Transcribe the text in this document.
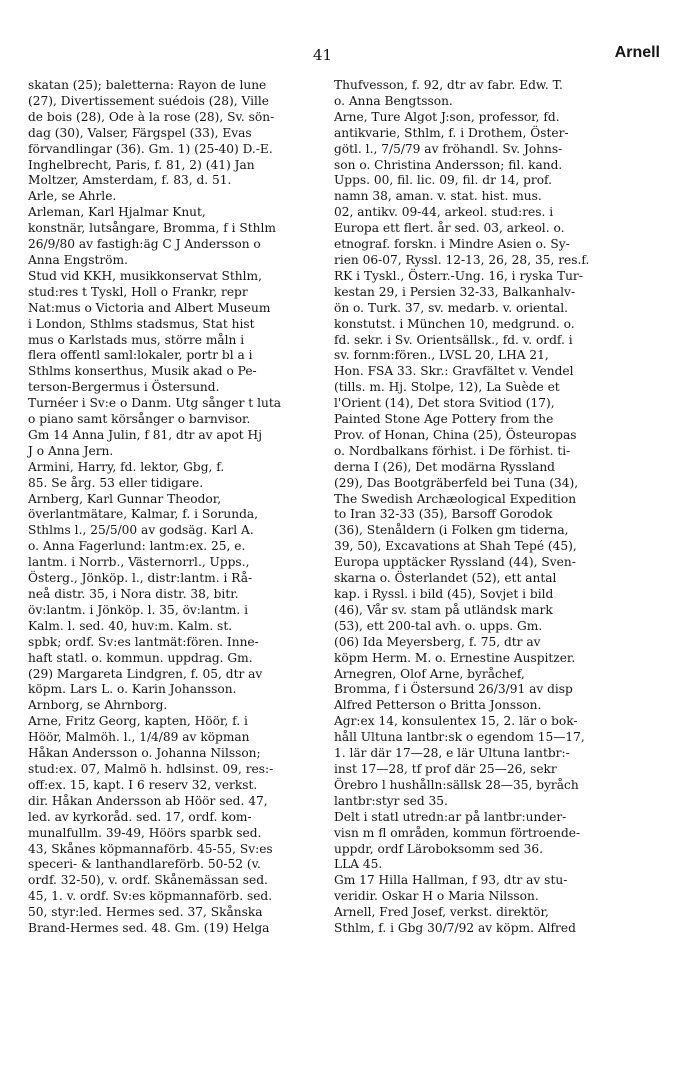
41	Arnell

skatan (25); baletterna: Rayon de lune
(27), Divertissement suédois (28), Ville
de bois (28), Ode à la rose (28), Sv. sön-
dag (30), Valser, Färgspel (33), Evas
förvandlingar (36). Gm. 1) (25-40) D.-E.
Inghelbrecht, Paris, f. 81, 2) (41) Jan
Moltzer, Amsterdam, f. 83, d. 51.

Arle, se Ahrle.

Arleman, Karl Hjalmar Knut,
konstnär, lutsångare, Bromma, f i Sthlm
26/9/80 av fastigh:äg C J Andersson o
Anna Engström.

Stud vid KKH, musikkonservat Sthlm,
stud:res t Tyskl, Holl o Frankr, repr
Nat:mus o Victoria and Albert Museum
i London, Sthlms stadsmus, Stat hist
mus o Karlstads mus, större måln i
flera offentl saml:lokaler, portr bl a i
Sthlms konserthus, Musik akad o Pe-
terson-Bergermus i Östersund.

Turnéer i Sv:e o Danm. Utg sånger t luta
o piano samt körsånger o barnvisor.
Gm 14 Anna Julin, f 81, dtr av apot Hj
J o Anna Jern.

Armini, Harry, fd. lektor, Gbg, f.
85. Se årg. 53 eller tidigare.

Arnberg, Karl Gunnar Theodor,
överlantmätare, Kalmar, f. i Sorunda,
Sthlms l., 25/5/00 av godsäg. Karl A.
o. Anna Fagerlund: lantm:ex. 25, e.
lantm. i Norrb., Västernorrl., Upps.,
Österg., Jönköp. l., distr:lantm. i Rå-
neå distr. 35, i Nora distr. 38, bitr.
öv:lantm. i Jönköp. l. 35, öv:lantm. i
Kalm. l. sed. 40, huv:m. Kalm. st.
spbk; ordf. Sv:es lantmät:fören. Inne-
haft statl. o. kommun. uppdrag. Gm.
(29) Margareta Lindgren, f. 05, dtr av
köpm. Lars L. o. Karin Johansson.

Arnborg, se Ahrnborg.

Arne, Fritz Georg, kapten, Höör, f. i
Höör, Malmöh. l., 1/4/89 av köpman
Håkan Andersson o. Johanna Nilsson;
stud:ex. 07, Malmö h. hdlsinst. 09, res:-
off:ex. 15, kapt. I 6 reserv 32, verkst.
dir. Håkan Andersson ab Höör sed. 47,
led. av kyrkoråd. sed. 17, ordf. kom-
munalfullm. 39-49, Höörs sparbk sed.
43, Skånes köpmannaförb. 45-55, Sv:es
speceri- & lanthandlareförb. 50-52 (v.
ordf. 32-50), v. ordf. Skånemässan sed.
45, 1. v. ordf. Sv:es köpmannaförb. sed.
50, styr:led. Hermes sed. 37, Skånska
Brand-Hermes sed. 48. Gm. (19) Helga

Thufvesson, f. 92, dtr av fabr. Edw. T.
o. Anna Bengtsson.

Arne, Ture Algot J:son, professor, fd.
antikvarie, Sthlm, f. i Drothem, Öster-
götl. l., 7/5/79 av fröhandl. Sv. Johns-
son o. Christina Andersson; fil. kand.
Upps. 00, fil. lic. 09, fil. dr 14, prof.
namn 38, aman. v. stat. hist. mus.
02, antikv. 09-44, arkeol. stud:res. i
Europa ett flert. år sed. 03, arkeol. o.
etnograf. forskn. i Mindre Asien o. Sy-
rien 06-07, Ryssl. 12-13, 26, 28, 35, res.f.
RK i Tyskl., Österr.-Ung. 16, i ryska Tur-
kestan 29, i Persien 32-33, Balkanhalv-
ön o. Turk. 37, sv. medarb. v. oriental.
konstutst. i München 10, medgrund. o.
fd. sekr. i Sv. Orientsällsk., fd. v. ordf. i
sv. fornm:fören., LVSL 20, LHA 21,
Hon. FSA 33. Skr.: Gravfältet v. Vendel
(tills. m. Hj. Stolpe, 12), La Suède et
l'Orient (14), Det stora Svitiod (17),
Painted Stone Age Pottery from the
Prov. of Honan, China (25), Östeuropas
o. Nordbalkans förhist. i De förhist. ti-
derna I (26), Det modärna Ryssland
(29), Das Bootgräberfeld bei Tuna (34),
The Swedish Archæological Expedition
to Iran 32-33 (35), Barsoff Gorodok
(36), Stenåldern (i Folken gm tiderna,
39, 50), Excavations at Shah Tepé (45),
Europa upptäcker Ryssland (44), Sven-
skarna o. Österlandet (52), ett antal
kap. i Ryssl. i bild (45), Sovjet i bild
(46), Vår sv. stam på utländsk mark
(53), ett 200-tal avh. o. upps. Gm.
(06) Ida Meyersberg, f. 75, dtr av
köpm Herm. M. o. Ernestine Auspitzer.

Arnegren, Olof Arne, byråchef,
Bromma, f i Östersund 26/3/91 av disp
Alfred Petterson o Britta Jonsson.

Agr:ex 14, konsulentex 15, 2. lär o bok-
håll Ultuna lantbr:sk o egendom 15—17,
1. lär där 17—28, e lär Ultuna lantbr:-
inst 17—28, tf prof där 25—26, sekr
Örebro l hushålln:sällsk 28—35, byråch
lantbr:styr sed 35.

Delt i statl utredn:ar på lantbr:under-
visn m fl områden, kommun förtroende-
uppdr, ordf Läroboksomm sed 36.

LLA 45.

Gm 17 Hilla Hallman, f 93, dtr av stu-
veridir. Oskar H o Maria Nilsson.

Arnell, Fred Josef, verkst. direktör,
Sthlm, f. i Gbg 30/7/92 av köpm. Alfred
